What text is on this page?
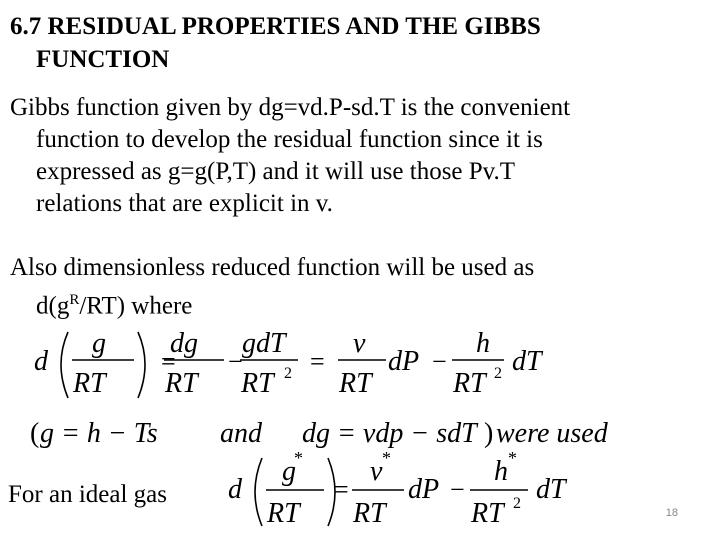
6.7 RESIDUAL PROPERTIES AND THE GIBBS
FUNCTION

Gibbs function given by dg=vd.P-sd.T is the convenient
function to develop the residual function since it is
expressed as g=g(P,T) and it will use those Pv.T
relations that are explicit in v.

Also dimensionless reduced function will be used as
$d(g^R/RT)$ where

d
g
RT
=
dg
RT
−
gdT
RT 2 =
v
RT
dP −
h
RT 2 dT
( g = h − Ts and dg = vdp − sdT ) were used

For an ideal gas d
g
*
RT
=
v *
RT
dP −
h *
RT 2 dT
18
